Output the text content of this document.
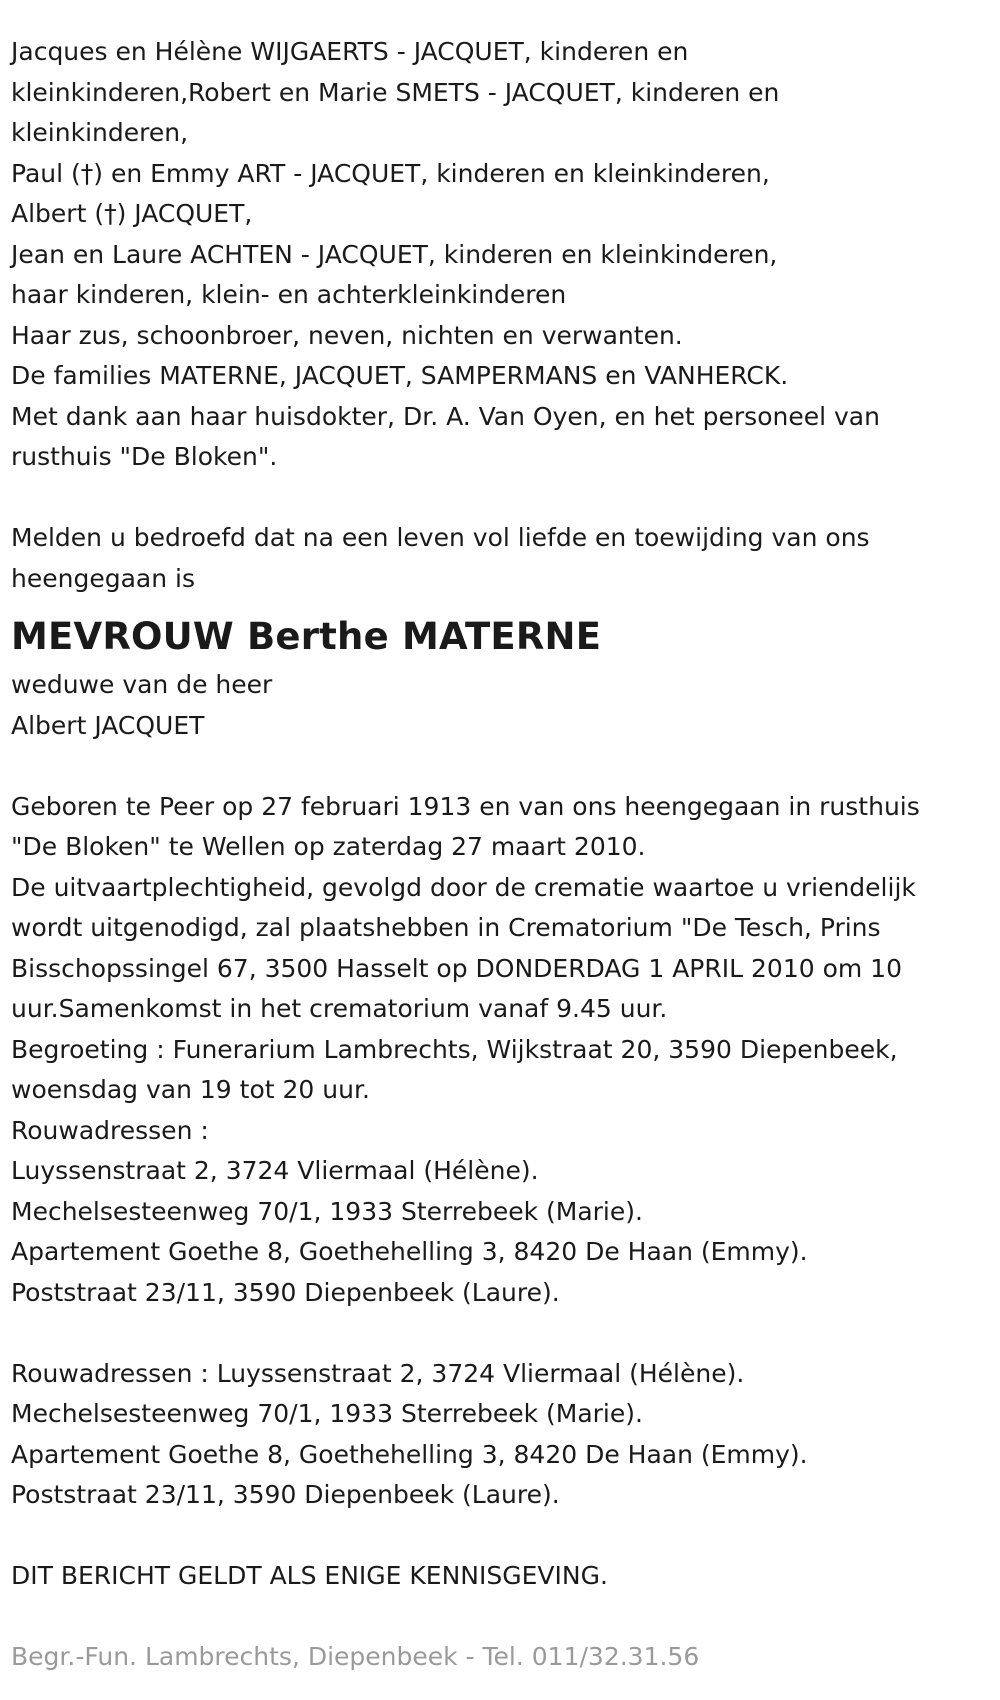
Jacques en Hélène WIJGAERTS - JACQUET, kinderen en
kleinkinderen,Robert en Marie SMETS - JACQUET, kinderen en
kleinkinderen,
Paul (†) en Emmy ART - JACQUET, kinderen en kleinkinderen,
Albert (†) JACQUET,
Jean en Laure ACHTEN - JACQUET, kinderen en kleinkinderen,
haar kinderen, klein- en achterkleinkinderen
Haar zus, schoonbroer, neven, nichten en verwanten.
De families MATERNE, JACQUET, SAMPERMANS en VANHERCK.
Met dank aan haar huisdokter, Dr. A. Van Oyen, en het personeel van
rusthuis "De Bloken".
Melden u bedroefd dat na een leven vol liefde en toewijding van ons
heengegaan is
MEVROUW Berthe MATERNE
weduwe van de heer
Albert JACQUET
Geboren te Peer op 27 februari 1913 en van ons heengegaan in rusthuis
"De Bloken" te Wellen op zaterdag 27 maart 2010.
De uitvaartplechtigheid, gevolgd door de crematie waartoe u vriendelijk
wordt uitgenodigd, zal plaatshebben in Crematorium "De Tesch, Prins
Bisschopssingel 67, 3500 Hasselt op DONDERDAG 1 APRIL 2010 om 10
uur.Samenkomst in het crematorium vanaf 9.45 uur.
Begroeting : Funerarium Lambrechts, Wijkstraat 20, 3590 Diepenbeek,
woensdag van 19 tot 20 uur.
Rouwadressen :
Luyssenstraat 2, 3724 Vliermaal (Hélène).
Mechelsesteenweg 70/1, 1933 Sterrebeek (Marie).
Apartement Goethe 8, Goethehelling 3, 8420 De Haan (Emmy).
Poststraat 23/11, 3590 Diepenbeek (Laure).
Rouwadressen : Luyssenstraat 2, 3724 Vliermaal (Hélène).
Mechelsesteenweg 70/1, 1933 Sterrebeek (Marie).
Apartement Goethe 8, Goethehelling 3, 8420 De Haan (Emmy).
Poststraat 23/11, 3590 Diepenbeek (Laure).
DIT BERICHT GELDT ALS ENIGE KENNISGEVING.
Begr.-Fun. Lambrechts, Diepenbeek - Tel. 011/32.31.56
